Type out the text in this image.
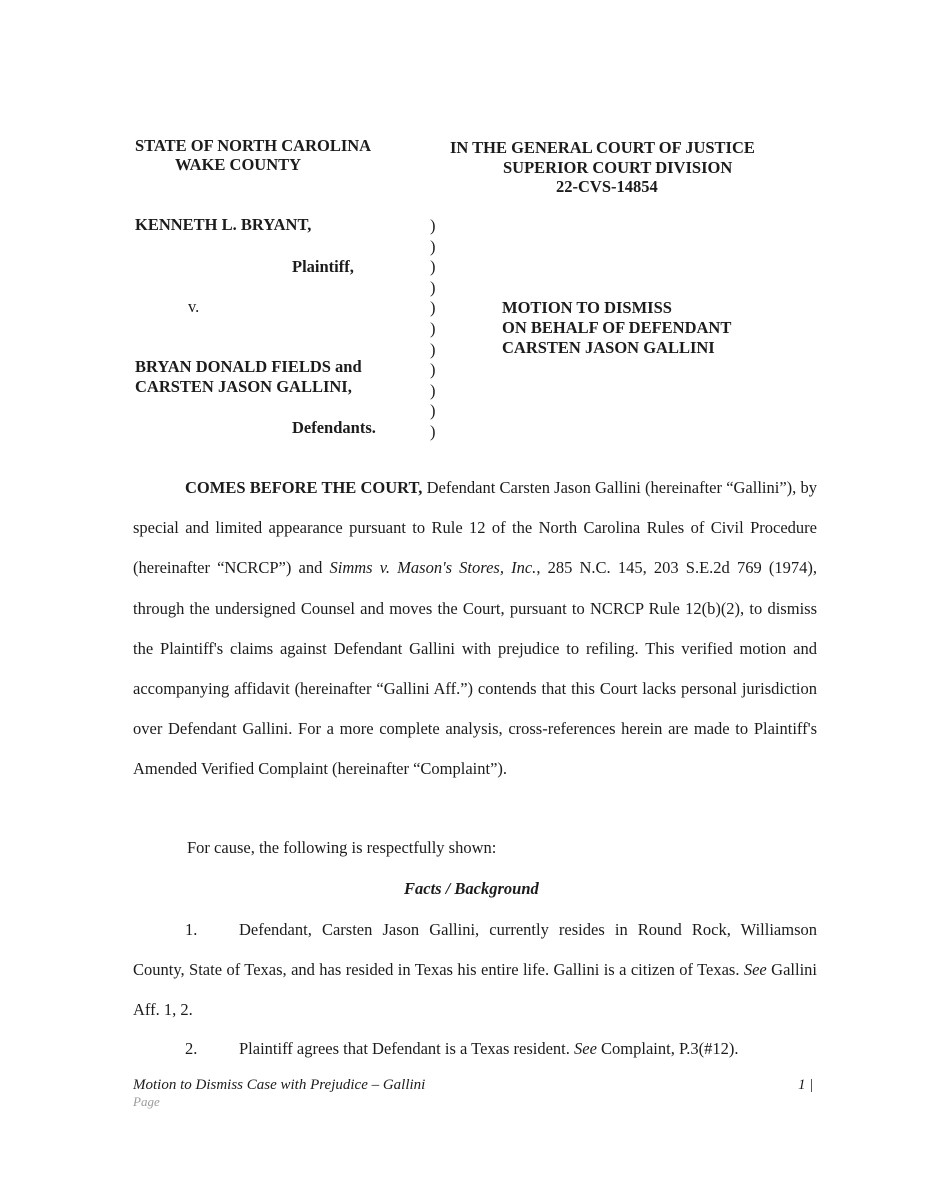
STATE OF NORTH CAROLINA
WAKE COUNTY
IN THE GENERAL COURT OF JUSTICE
SUPERIOR COURT DIVISION
22-CVS-14854
KENNETH L. BRYANT,
Plaintiff,
v.
BRYAN DONALD FIELDS and
CARSTEN JASON GALLINI,
Defendants.
)
)
)
)
)
)
)
)
)
)
)
MOTION TO DISMISS
ON BEHALF OF DEFENDANT
CARSTEN JASON GALLINI

COMES BEFORE THE COURT, Defendant Carsten Jason Gallini (hereinafter “Gallini”), by special and limited appearance pursuant to Rule 12 of the North Carolina Rules of Civil Procedure (hereinafter “NCRCP”) and Simms v. Mason's Stores, Inc., 285 N.C. 145, 203 S.E.2d 769 (1974), through the undersigned Counsel and moves the Court, pursuant to NCRCP Rule 12(b)(2), to dismiss the Plaintiff's claims against Defendant Gallini with prejudice to refiling. This verified motion and accompanying affidavit (hereinafter “Gallini Aff.”) contends that this Court lacks personal jurisdiction over Defendant Gallini. For a more complete analysis, cross-references herein are made to Plaintiff's Amended Verified Complaint (hereinafter “Complaint”).

For cause, the following is respectfully shown:
Facts / Background

1.	Defendant, Carsten Jason Gallini, currently resides in Round Rock, Williamson County, State of Texas, and has resided in Texas his entire life. Gallini is a citizen of Texas. See Gallini Aff. 1, 2.

2.	Plaintiff agrees that Defendant is a Texas resident. See Complaint, P.3(#12).
Motion to Dismiss Case with Prejudice – Gallini
Page
1 |
